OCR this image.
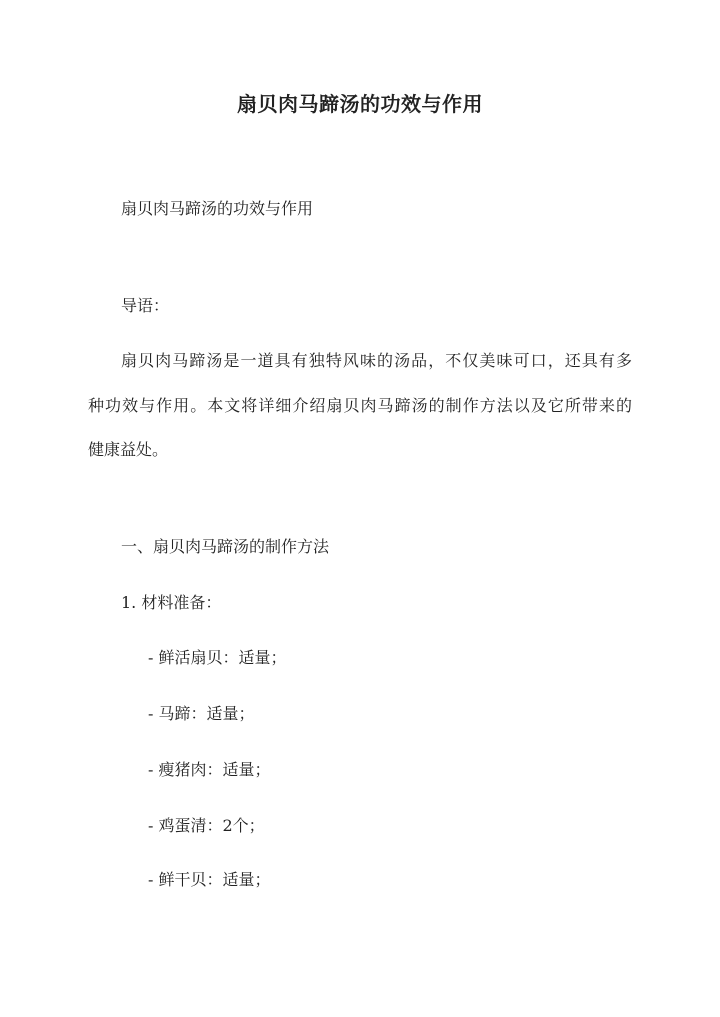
扇贝肉马蹄汤的功效与作用
扇贝肉马蹄汤的功效与作用
导语：
扇贝肉马蹄汤是一道具有独特风味的汤品，不仅美味可口，还具有多
种功效与作用。本文将详细介绍扇贝肉马蹄汤的制作方法以及它所带来的
健康益处。
一、扇贝肉马蹄汤的制作方法
1. 材料准备：
- 鲜活扇贝：适量；
- 马蹄：适量；
- 瘦猪肉：适量；
- 鸡蛋清：2个；
- 鲜干贝：适量；
